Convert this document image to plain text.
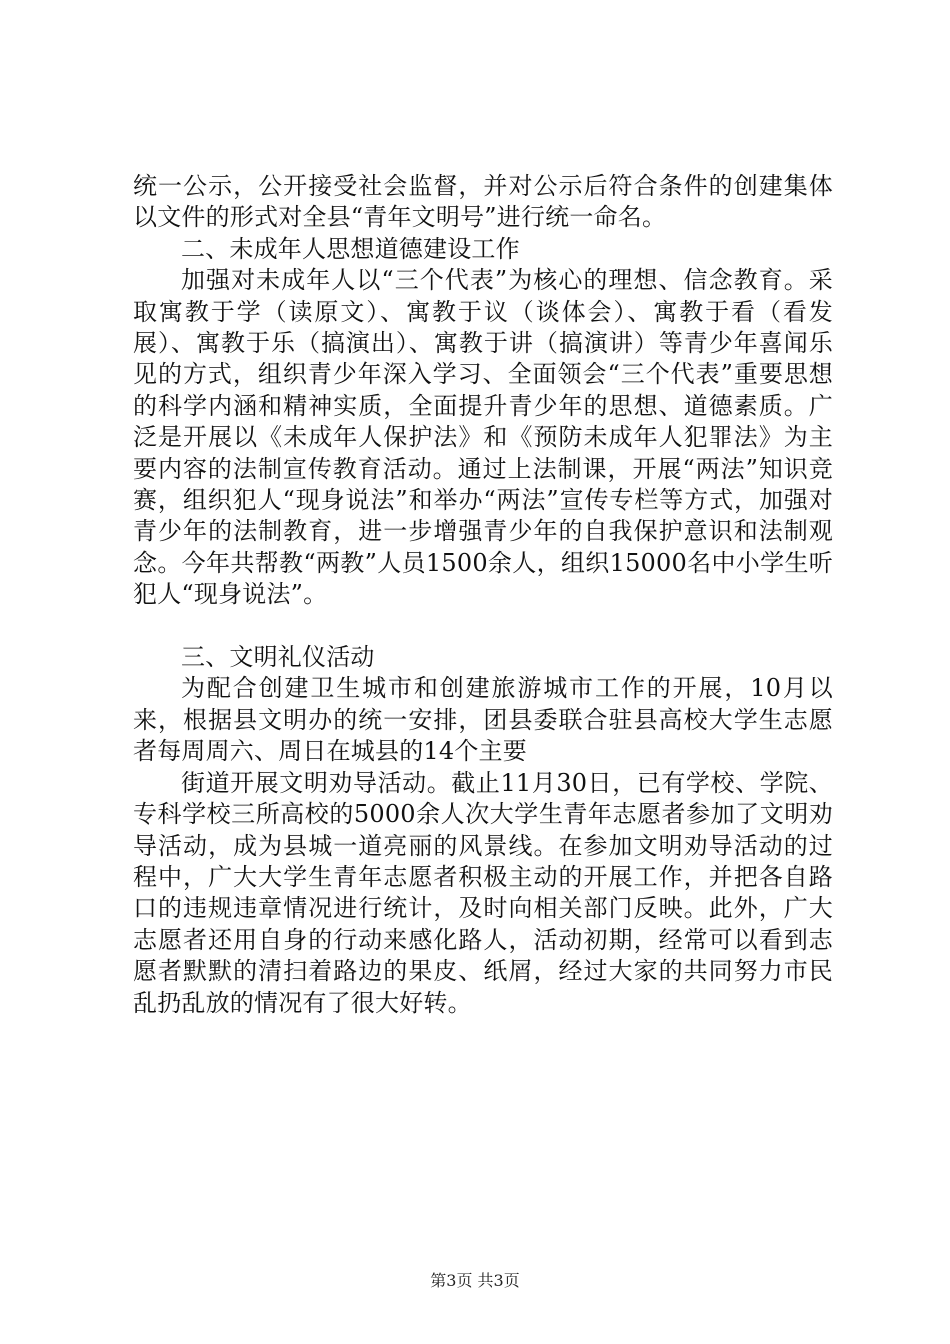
统一公示，公开接受社会监督，并对公示后符合条件的创建集体以文件的形式对全县“青年文明号”进行统一命名。

二、未成年人思想道德建设工作

加强对未成年人以“三个代表”为核心的理想、信念教育。采取寓教于学（读原文）、寓教于议（谈体会）、寓教于看（看发展）、寓教于乐（搞演出）、寓教于讲（搞演讲）等青少年喜闻乐见的方式，组织青少年深入学习、全面领会“三个代表”重要思想的科学内涵和精神实质，全面提升青少年的思想、道德素质。广泛是开展以《未成年人保护法》和《预防未成年人犯罪法》为主要内容的法制宣传教育活动。通过上法制课，开展“两法”知识竞赛，组织犯人“现身说法”和举办“两法”宣传专栏等方式，加强对青少年的法制教育，进一步增强青少年的自我保护意识和法制观念。今年共帮教“两教”人员1500余人，组织15000名中小学生听犯人“现身说法”。

三、文明礼仪活动

为配合创建卫生城市和创建旅游城市工作的开展，10月以来，根据县文明办的统一安排，团县委联合驻县高校大学生志愿者每周周六、周日在城县的14个主要

街道开展文明劝导活动。截止11月30日，已有学校、学院、专科学校三所高校的5000余人次大学生青年志愿者参加了文明劝导活动，成为县城一道亮丽的风景线。在参加文明劝导活动的过程中，广大大学生青年志愿者积极主动的开展工作，并把各自路口的违规违章情况进行统计，及时向相关部门反映。此外，广大志愿者还用自身的行动来感化路人，活动初期，经常可以看到志愿者默默的清扫着路边的果皮、纸屑，经过大家的共同努力市民乱扔乱放的情况有了很大好转。

第3页 共3页
